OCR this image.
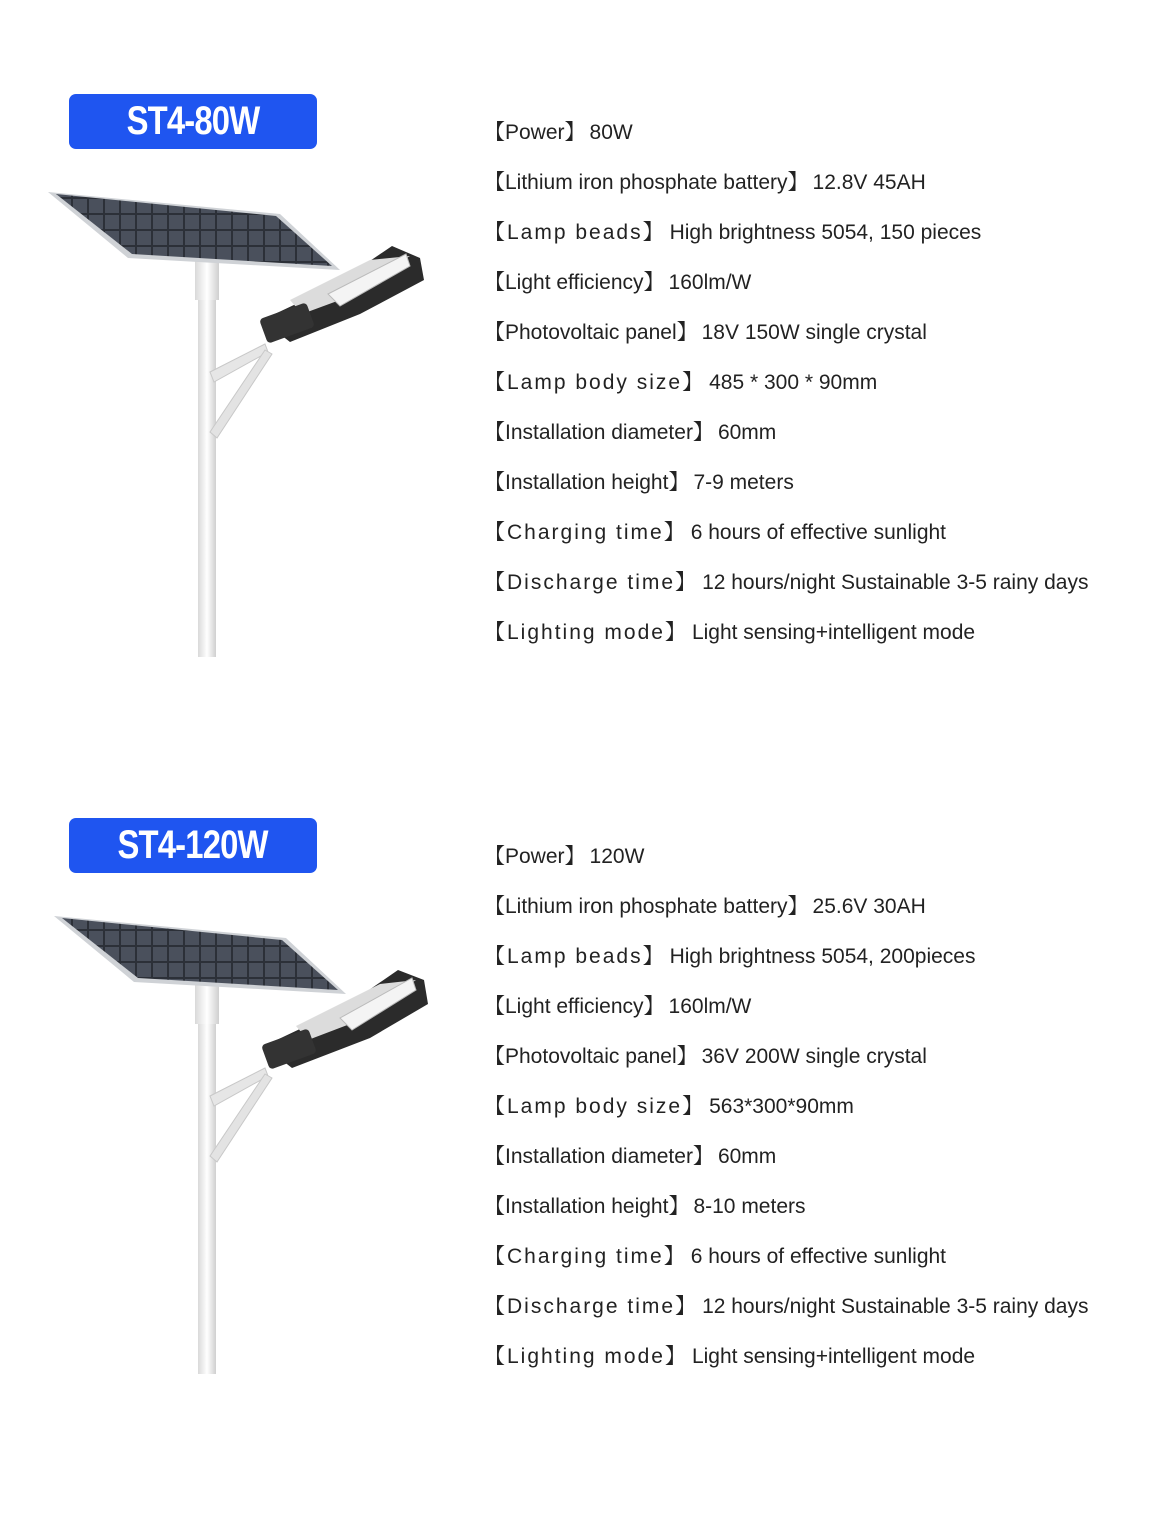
ST4-80W	【Power】 80W
【Lithium iron phosphate battery】 12.8V 45AH
【Lamp beads】 High brightness 5054, 150 pieces
【Light efficiency】 160lm/W
【Photovoltaic panel】 18V 150W single crystal
【Lamp body size】 485 * 300 * 90mm
【Installation diameter】 60mm
【Installation height】 7-9 meters
【Charging time】 6 hours of effective sunlight
【Discharge time】 12 hours/night Sustainable 3-5 rainy days
【Lighting mode】 Light sensing+intelligent mode
ST4-120W	【Power】 120W
【Lithium iron phosphate battery】 25.6V 30AH
【Lamp beads】 High brightness 5054, 200pieces
【Light efficiency】 160lm/W
【Photovoltaic panel】 36V 200W single crystal
【Lamp body size】 563*300*90mm
【Installation diameter】 60mm
【Installation height】 8-10 meters
【Charging time】 6 hours of effective sunlight
【Discharge time】 12 hours/night Sustainable 3-5 rainy days
【Lighting mode】 Light sensing+intelligent mode
